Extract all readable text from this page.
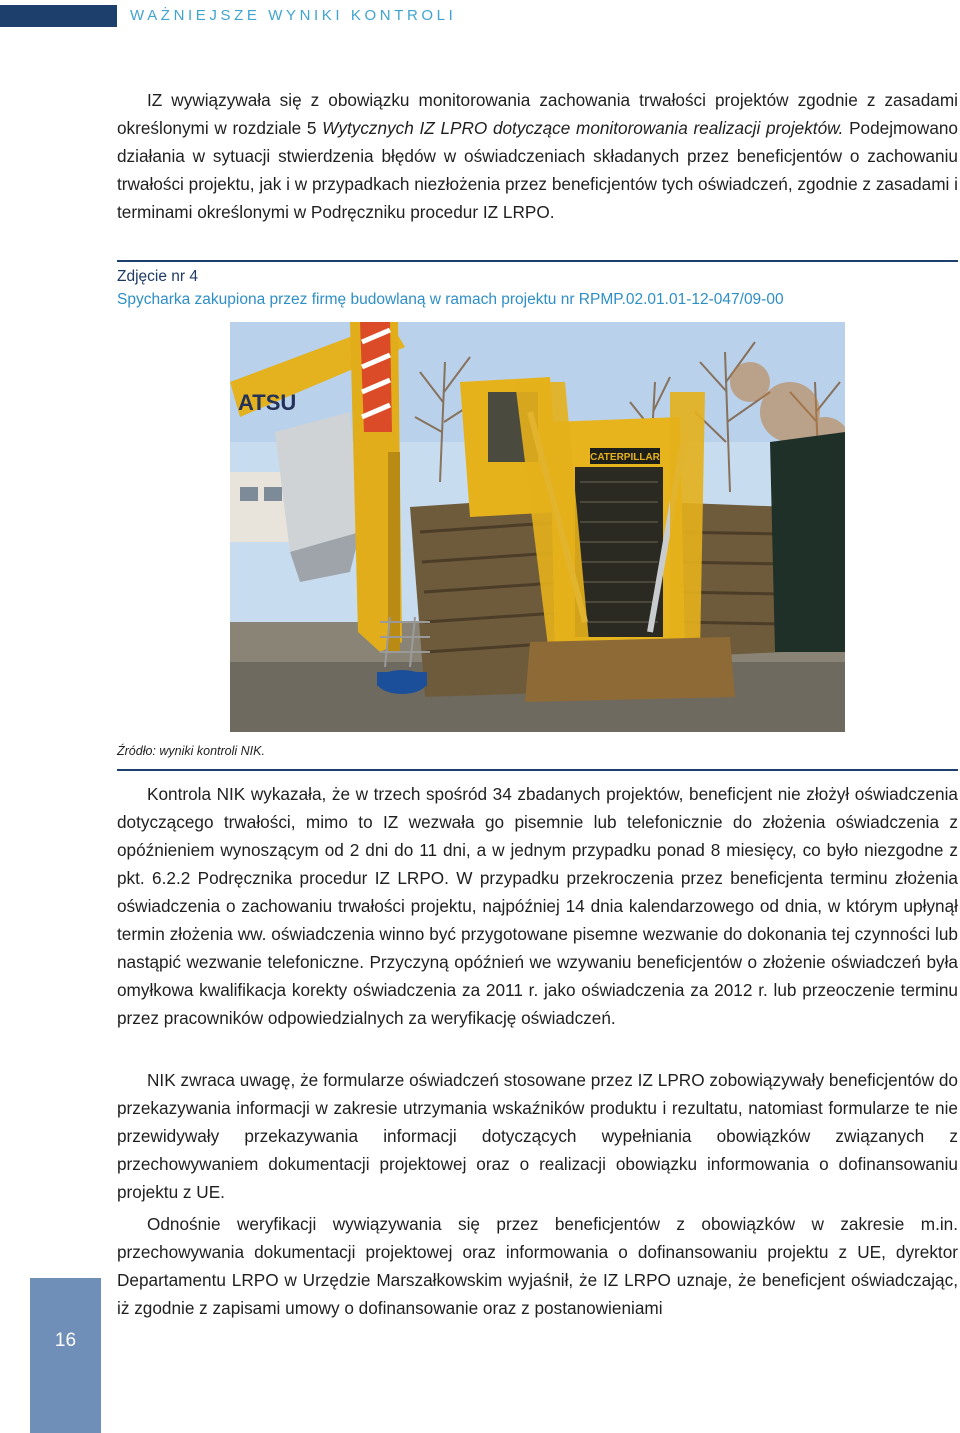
WAŻNIEJSZE WYNIKI KONTROLI

IZ wywiązywała się z obowiązku monitorowania zachowania trwałości projektów zgodnie z zasadami określonymi w rozdziale 5 Wytycznych IZ LPRO dotyczące monitorowania realizacji projektów. Podejmowano działania w sytuacji stwierdzenia błędów w oświadczeniach składanych przez beneficjentów o zachowaniu trwałości projektu, jak i w przypadkach niezłożenia przez beneficjentów tych oświadczeń, zgodnie z zasadami i terminami określonymi w Podręczniku procedur IZ LRPO.

Zdjęcie nr 4
Spycharka zakupiona przez firmę budowlaną w ramach projektu nr RPMP.02.01.01-12-047/09-00
ATSU
CATERPILLAR
Źródło: wyniki kontroli NIK.

Kontrola NIK wykazała, że w trzech spośród 34 zbadanych projektów, beneficjent nie złożył oświadczenia dotyczącego trwałości, mimo to IZ wezwała go pisemnie lub telefonicznie do złożenia oświadczenia z opóźnieniem wynoszącym od 2 dni do 11 dni, a w jednym przypadku ponad 8 miesięcy, co było niezgodne z pkt. 6.2.2 Podręcznika procedur IZ LRPO. W przypadku przekroczenia przez beneficjenta terminu złożenia oświadczenia o zachowaniu trwałości projektu, najpóźniej 14 dnia kalendarzowego od dnia, w którym upłynął termin złożenia ww. oświadczenia winno być przygotowane pisemne wezwanie do dokonania tej czynności lub nastąpić wezwanie telefoniczne. Przyczyną opóźnień we wzywaniu beneficjentów o złożenie oświadczeń była omyłkowa kwalifikacja korekty oświadczenia za 2011 r. jako oświadczenia za 2012 r. lub przeoczenie terminu przez pracowników odpowiedzialnych za weryfikację oświadczeń.

NIK zwraca uwagę, że formularze oświadczeń stosowane przez IZ LPRO zobowiązywały beneficjentów do przekazywania informacji w zakresie utrzymania wskaźników produktu i rezultatu, natomiast formularze te nie przewidywały przekazywania informacji dotyczących wypełniania obowiązków związanych z przechowywaniem dokumentacji projektowej oraz o realizacji obowiązku informowania o dofinansowaniu projektu z UE.

Odnośnie weryfikacji wywiązywania się przez beneficjentów z obowiązków w zakresie m.in. przechowywania dokumentacji projektowej oraz informowania o dofinansowaniu projektu z UE, dyrektor Departamentu LRPO w Urzędzie Marszałkowskim wyjaśnił, że IZ LRPO uznaje, że beneficjent oświadczając, iż zgodnie z zapisami umowy o dofinansowanie oraz z postanowieniami

16
